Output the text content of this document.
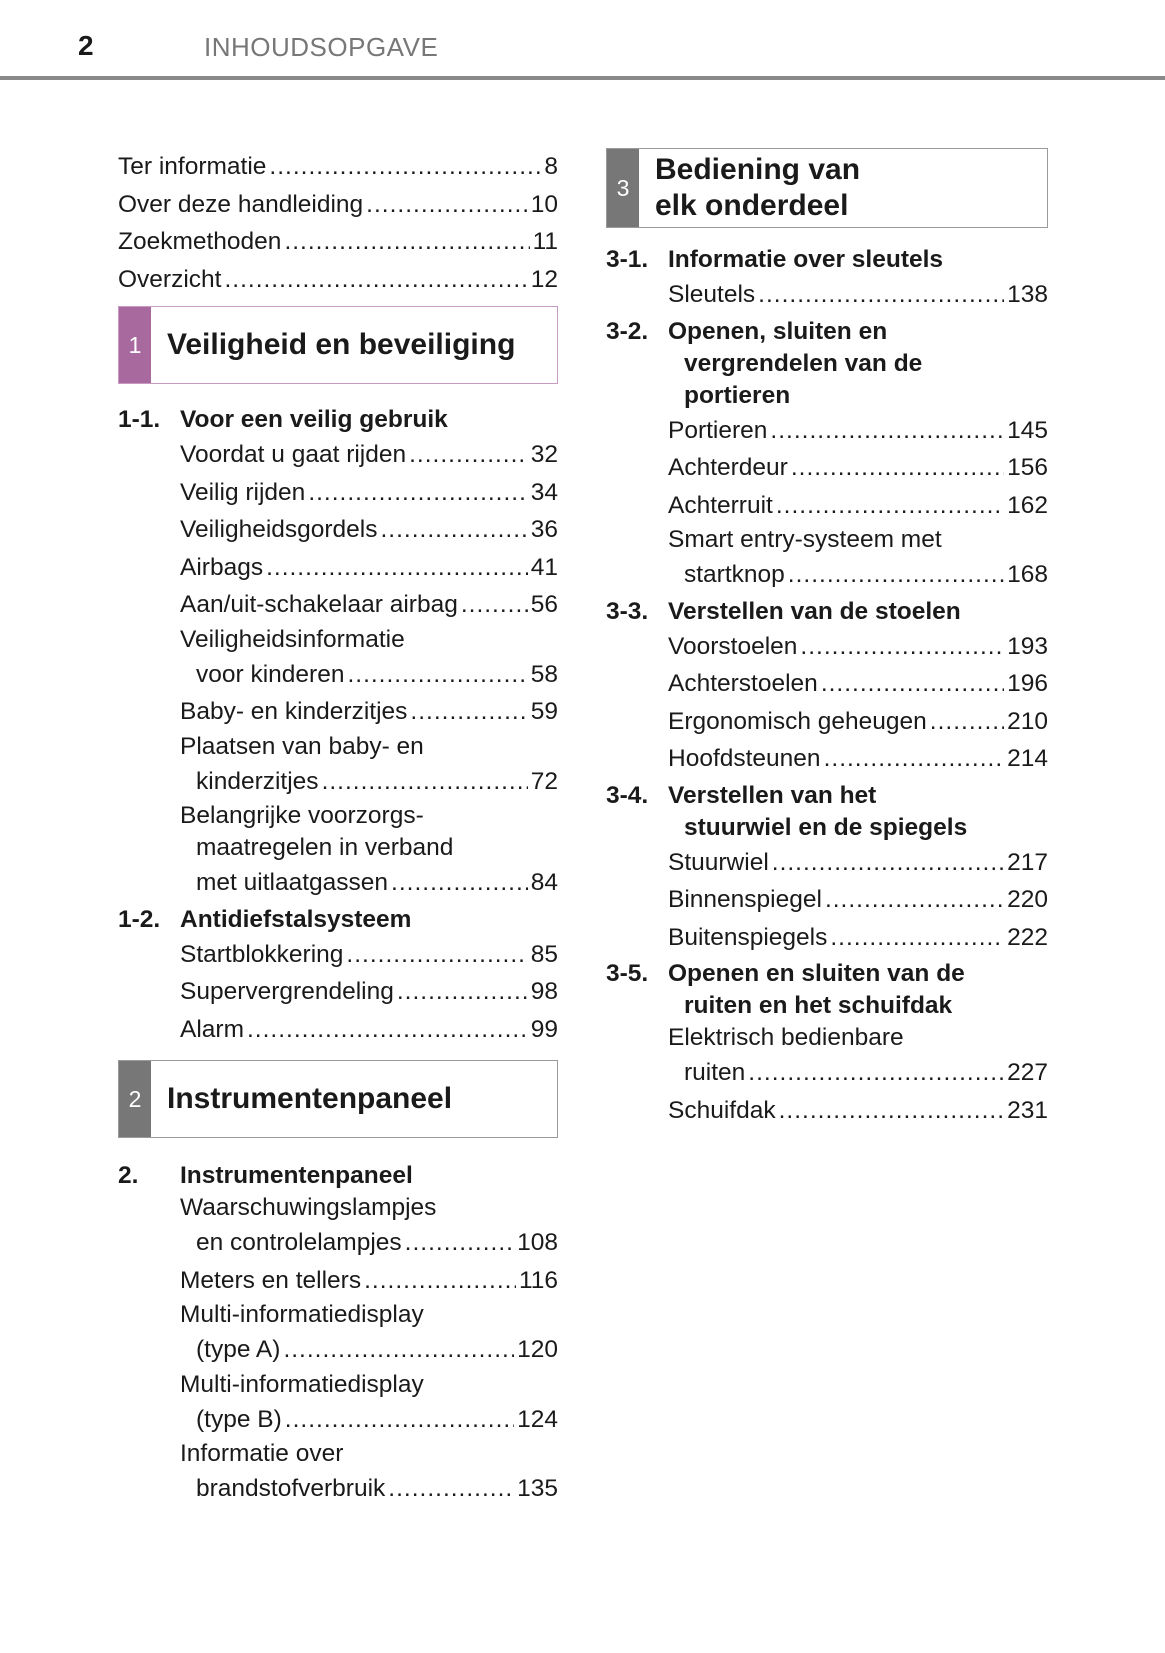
2	INHOUDSOPGAVE
Ter informatie .....	8
Over deze handleiding .....	10
Zoekmethoden .....	11
Overzicht .....	12
1 Veiligheid en beveiliging
1-1. Voor een veilig gebruik
Voordat u gaat rijden .....	32
Veilig rijden .....	34
Veiligheidsgordels .....	36
Airbags .....	41
Aan/uit-schakelaar airbag .....	56
Veiligheidsinformatie
voor kinderen .....	58
Baby- en kinderzitjes .....	59
Plaatsen van baby- en
kinderzitjes .....	72
Belangrijke voorzorgs-
maatregelen in verband
met uitlaatgassen .....	84
1-2. Antidiefstalsysteem
Startblokkering .....	85
Supervergrendeling .....	98
Alarm .....	99
2 Instrumentenpaneel
2.	Instrumentenpaneel
Waarschuwingslampjes
en controlelampjes .....	108
Meters en tellers .....	116
Multi-informatiedisplay
(type A) .....	120
Multi-informatiedisplay
(type B) .....	124
Informatie over
brandstofverbruik .....	135
3
Bediening van
elk onderdeel
3-1. Informatie over sleutels
Sleutels .....	138
3-2. Openen, sluiten en
vergrendelen van de
portieren
Portieren .....	145
Achterdeur .....	156
Achterruit .....	162
Smart entry-systeem met
startknop .....	168
3-3. Verstellen van de stoelen
Voorstoelen .....	193
Achterstoelen .....	196
Ergonomisch geheugen .....	210
Hoofdsteunen .....	214
3-4. Verstellen van het
stuurwiel en de spiegels
Stuurwiel .....	217
Binnenspiegel .....	220
Buitenspiegels .....	222
3-5. Openen en sluiten van de
ruiten en het schuifdak
Elektrisch bedienbare
ruiten .....	227
Schuifdak .....	231
